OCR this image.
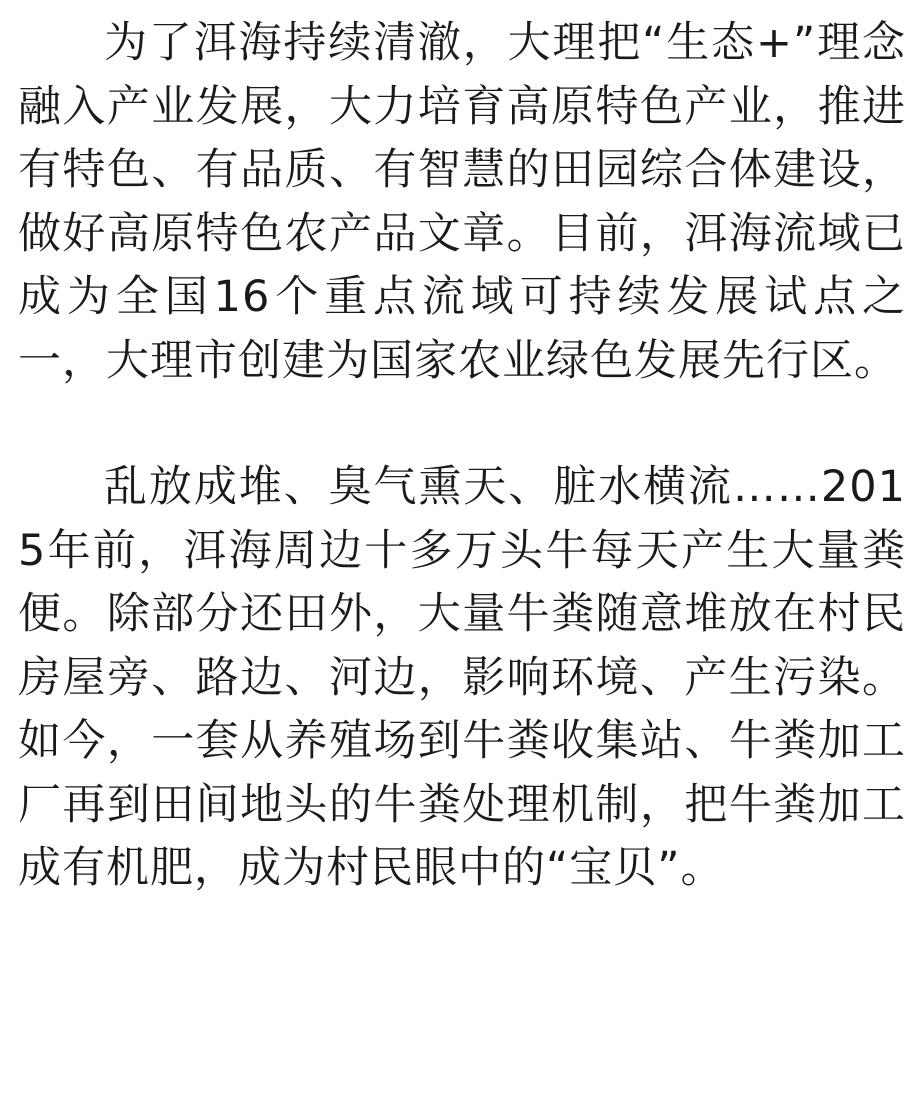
为了洱海持续清澈，大理把“生态+”理念融入产业发展，大力培育高原特色产业，推进有特色、有品质、有智慧的田园综合体建设，做好高原特色农产品文章。目前，洱海流域已成为全国16个重点流域可持续发展试点之一，大理市创建为国家农业绿色发展先行区。

乱放成堆、臭气熏天、脏水横流……2015年前，洱海周边十多万头牛每天产生大量粪便。除部分还田外，大量牛粪随意堆放在村民房屋旁、路边、河边，影响环境、产生污染。如今，一套从养殖场到牛粪收集站、牛粪加工厂再到田间地头的牛粪处理机制，把牛粪加工成有机肥，成为村民眼中的“宝贝”。
